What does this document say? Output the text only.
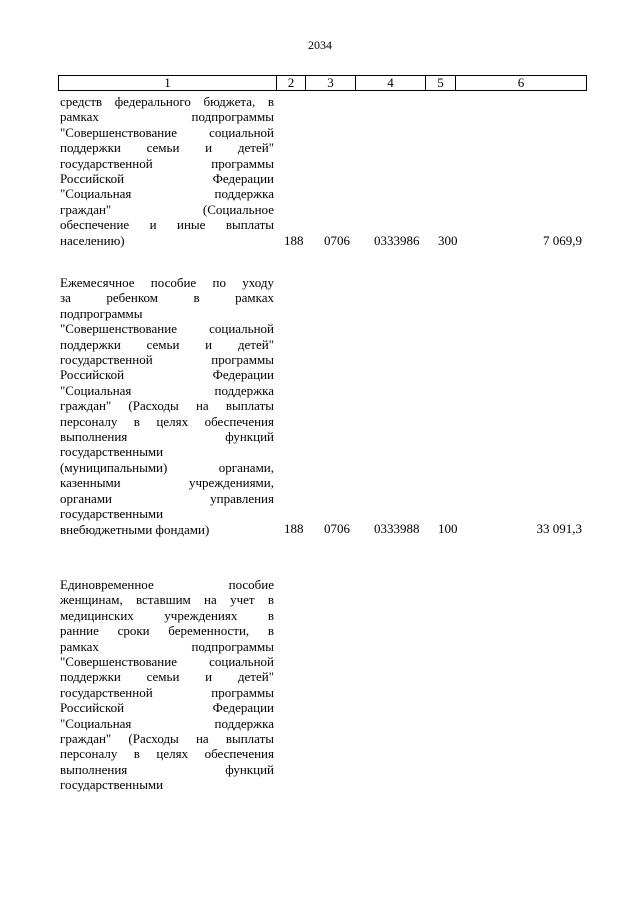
2034
1	2	3	4	5	6
средств федерального бюджета, в
рамках подпрограммы
"Совершенствование социальной
поддержки семьи и детей"
государственной программы
Российской Федерации
"Социальная поддержка
граждан" (Социальное
обеспечение и иные выплаты
населению)	188 0706 0333986 300	7 069,9
Ежемесячное пособие по уходу
за ребенком в рамках
подпрограммы
"Совершенствование социальной
поддержки семьи и детей"
государственной программы
Российской Федерации
"Социальная поддержка
граждан" (Расходы на выплаты
персоналу в целях обеспечения
выполнения функций
государственными
(муниципальными) органами,
казенными учреждениями,
органами управления
государственными
внебюджетными фондами)	188 0706 0333988 100	33 091,3
Единовременное пособие
женщинам, вставшим на учет в
медицинских учреждениях в
ранние сроки беременности, в
рамках подпрограммы
"Совершенствование социальной
поддержки семьи и детей"
государственной программы
Российской Федерации
"Социальная поддержка
граждан" (Расходы на выплаты
персоналу в целях обеспечения
выполнения функций
государственными
